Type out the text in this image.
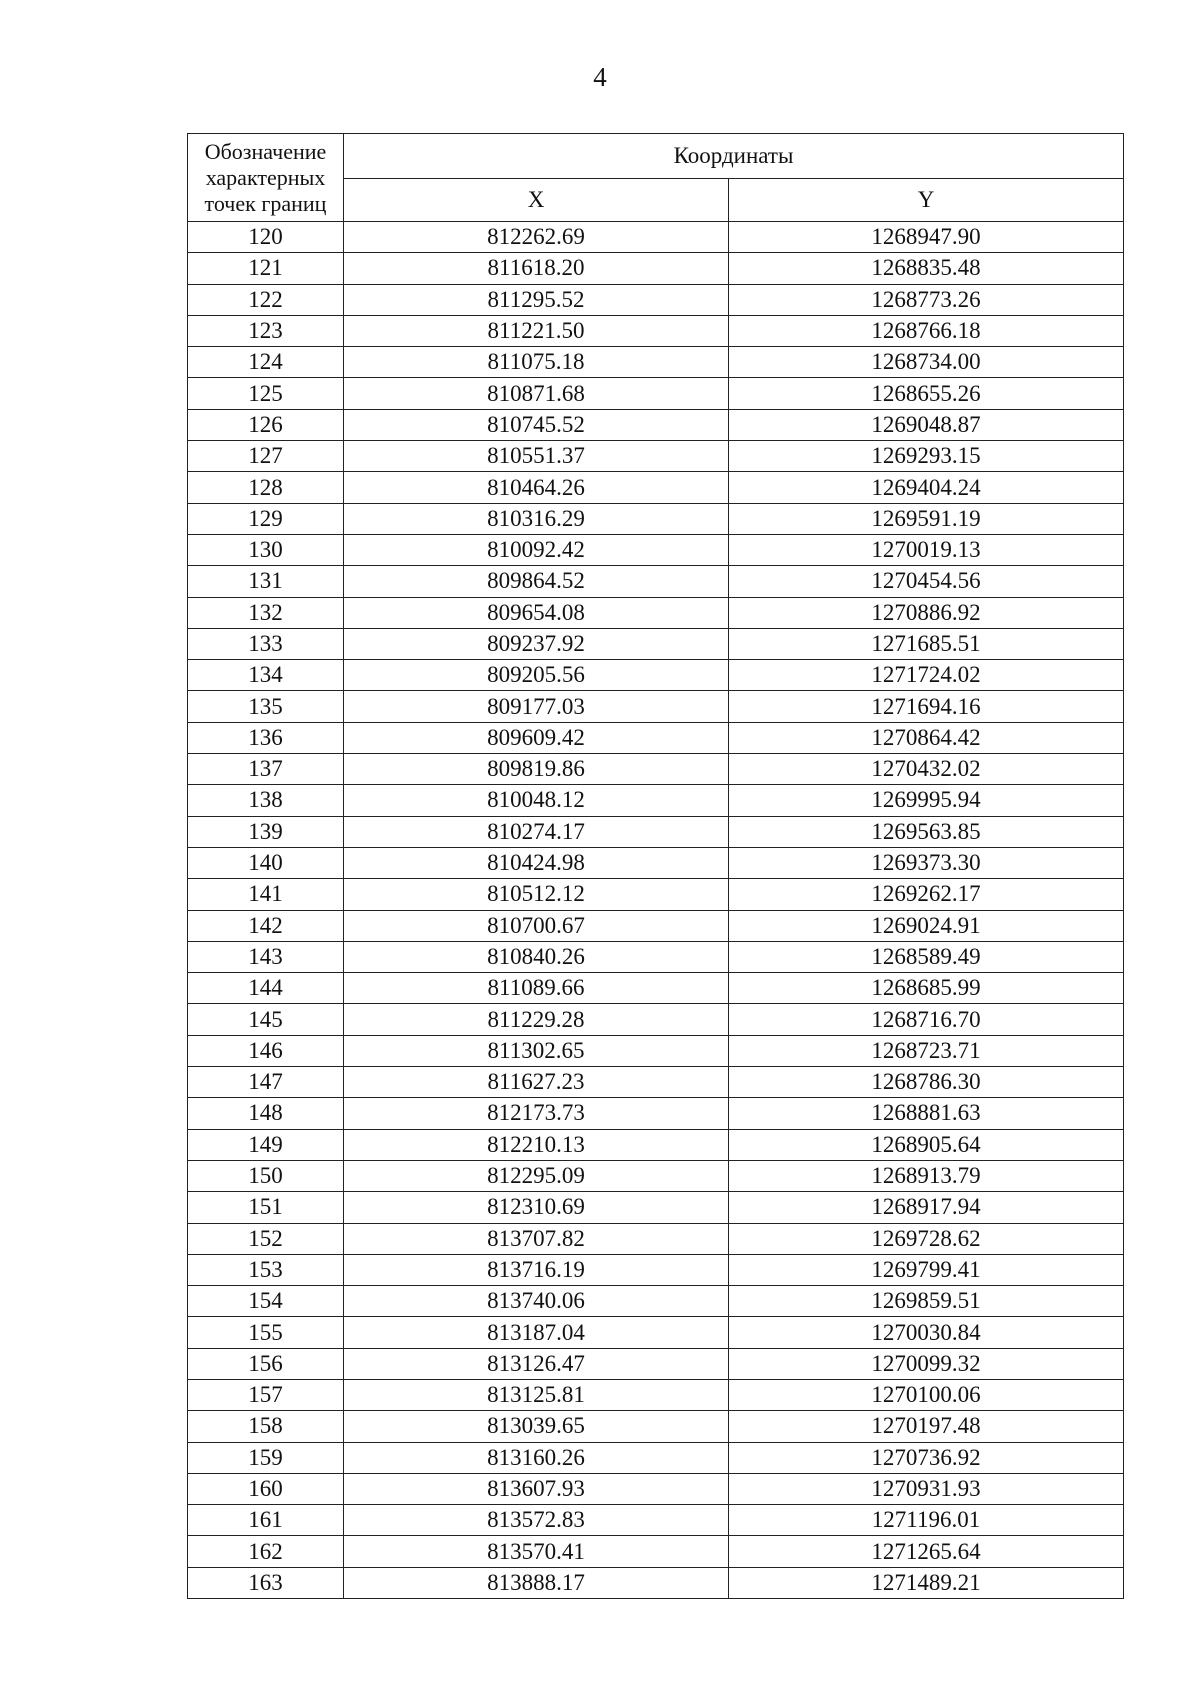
4
Обозначение характерных точек границ	Координаты	
	X	Y
120	812262.69	1268947.90
121	811618.20	1268835.48
122	811295.52	1268773.26
123	811221.50	1268766.18
124	811075.18	1268734.00
125	810871.68	1268655.26
126	810745.52	1269048.87
127	810551.37	1269293.15
128	810464.26	1269404.24
129	810316.29	1269591.19
130	810092.42	1270019.13
131	809864.52	1270454.56
132	809654.08	1270886.92
133	809237.92	1271685.51
134	809205.56	1271724.02
135	809177.03	1271694.16
136	809609.42	1270864.42
137	809819.86	1270432.02
138	810048.12	1269995.94
139	810274.17	1269563.85
140	810424.98	1269373.30
141	810512.12	1269262.17
142	810700.67	1269024.91
143	810840.26	1268589.49
144	811089.66	1268685.99
145	811229.28	1268716.70
146	811302.65	1268723.71
147	811627.23	1268786.30
148	812173.73	1268881.63
149	812210.13	1268905.64
150	812295.09	1268913.79
151	812310.69	1268917.94
152	813707.82	1269728.62
153	813716.19	1269799.41
154	813740.06	1269859.51
155	813187.04	1270030.84
156	813126.47	1270099.32
157	813125.81	1270100.06
158	813039.65	1270197.48
159	813160.26	1270736.92
160	813607.93	1270931.93
161	813572.83	1271196.01
162	813570.41	1271265.64
163	813888.17	1271489.21
